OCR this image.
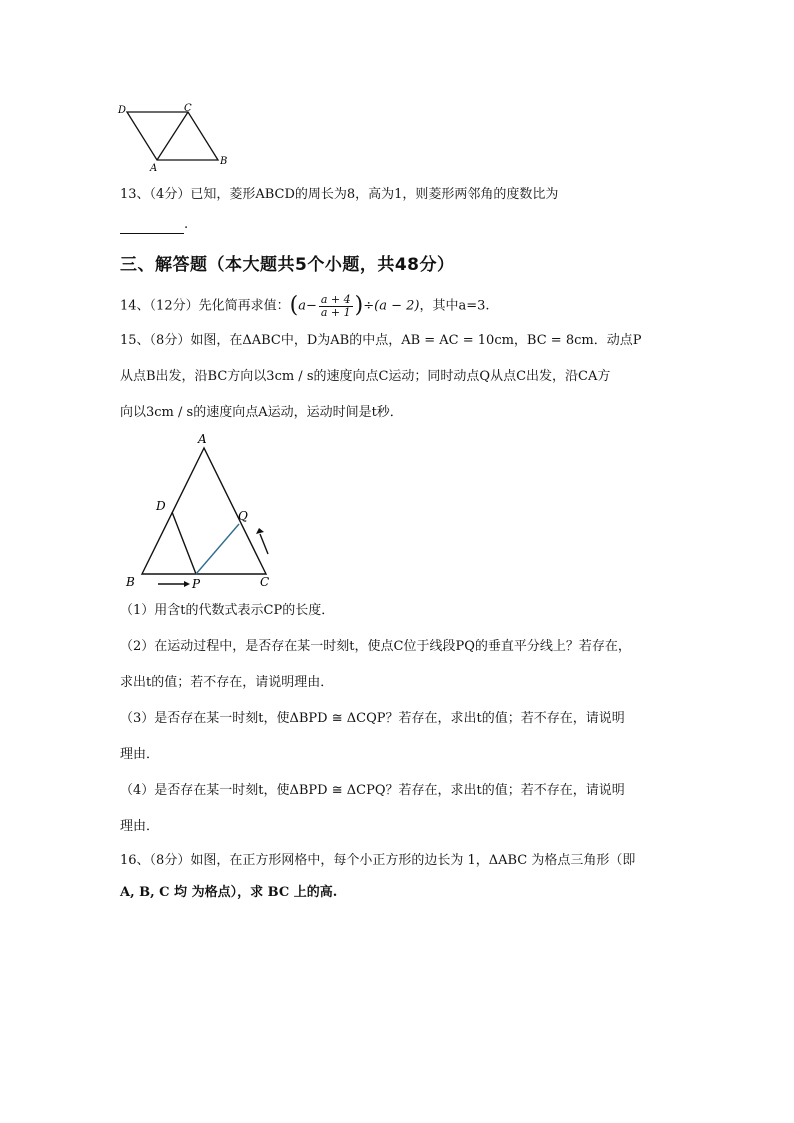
D	C
A
B
13、（4分）已知，菱形ABCD的周长为8，高为1，则菱形两邻角的度数比为
.
三、解答题（本大题共5个小题，共48分）
14、（12分）先化简再求值：$(a- \frac{a + 4}{a + 1} )\div(a - 2)$，其中a=3.
15、（8分）如图，在ΔABC中，D为AB的中点，AB = AC = 10cm，BC = 8cm．动点P
从点B出发，沿BC方向以3cm / s的速度向点C运动；同时动点Q从点C出发，沿CA方
向以3cm / s的速度向点A运动，运动时间是t秒．
A
D
Q
B	P	C
（1）用含t的代数式表示CP的长度．
（2）在运动过程中，是否存在某一时刻t，使点C位于线段PQ的垂直平分线上？若存在，
求出t的值；若不存在，请说明理由．
（3）是否存在某一时刻t，使ΔBPD ≅ ΔCQP？若存在，求出t的值；若不存在，请说明
理由．
（4）是否存在某一时刻t，使ΔBPD ≅ ΔCPQ？若存在，求出t的值；若不存在，请说明
理由．
16、（8分）如图，在正方形网格中，每个小正方形的边长为 1，ΔABC 为格点三角形（即
A, B, C 均 为格点），求 BC 上的高.
